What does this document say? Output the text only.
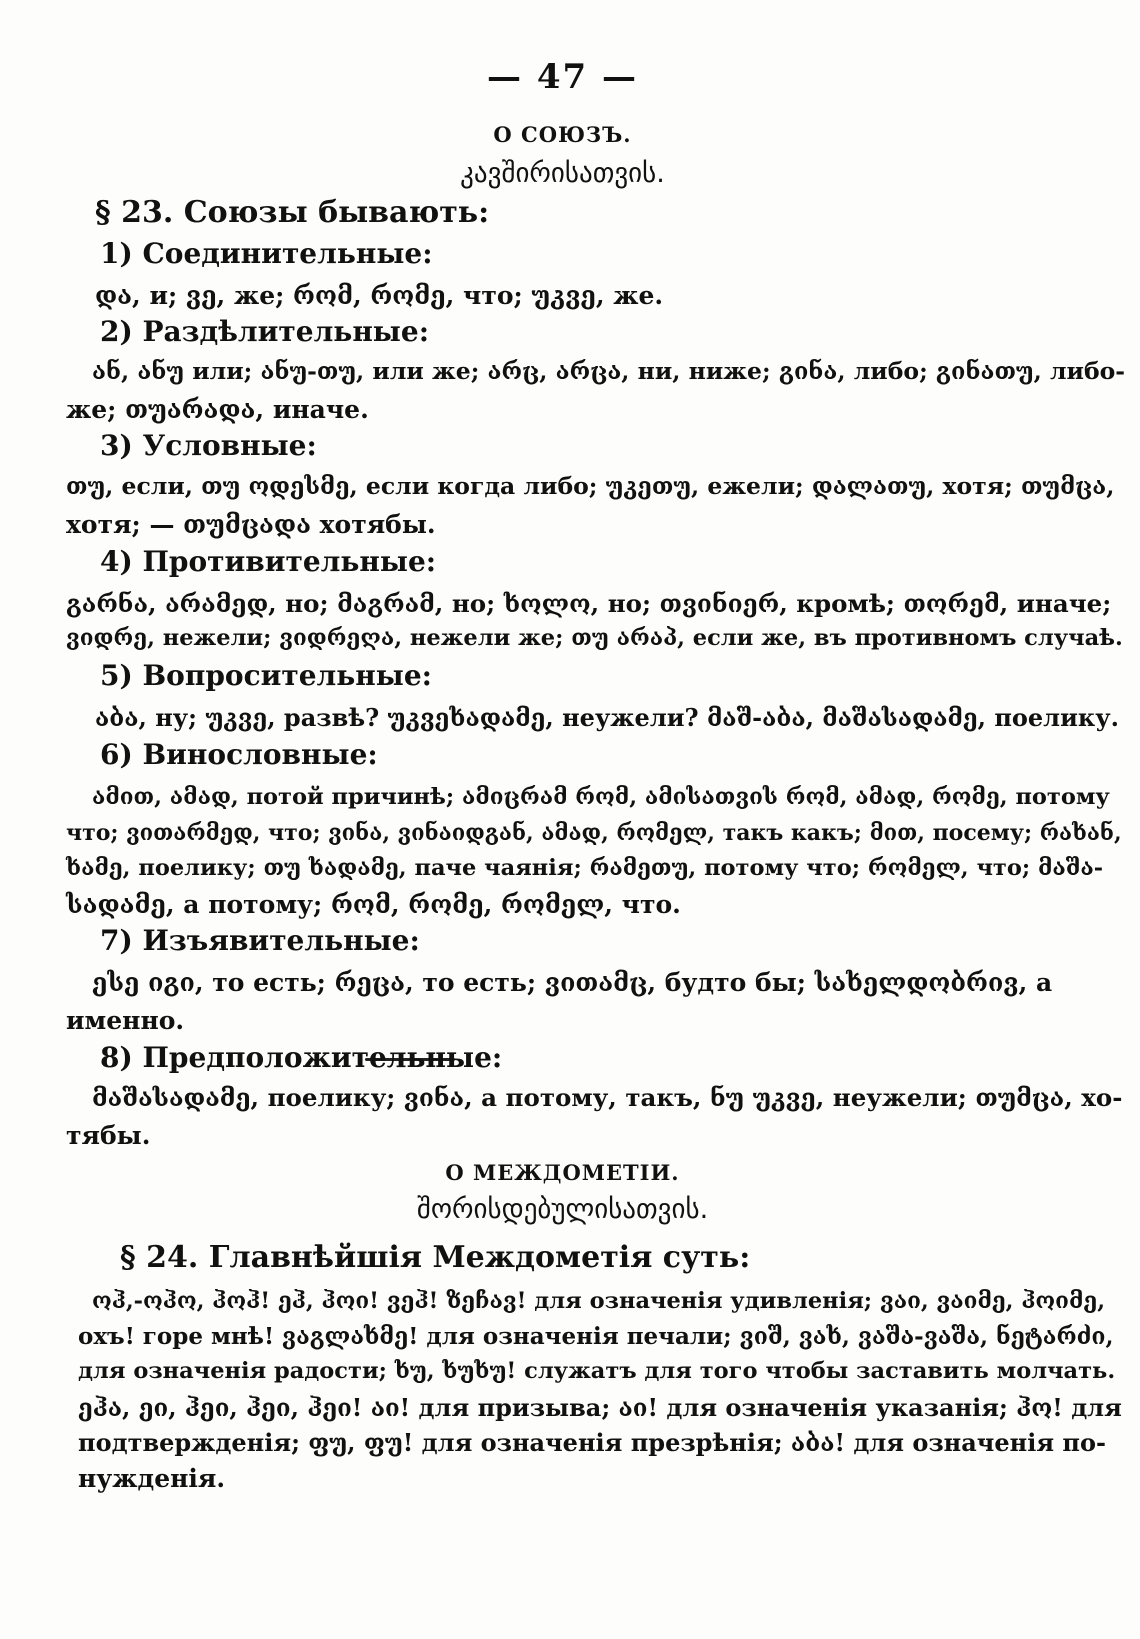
— 47 —
О СОЮЗЪ.
კავშირისათვის.
§ 23. Союзы бывають:
1) Соединительные:
და, и; ვე, же; რომ, რომე, что; უკვე, же.
2) Раздѣлительные:
ან, ანუ или; ანუ-თუ, или же; არც, არცა, ни, ниже; გინა, либо; გინათუ, либо-
же; თუარადა, иначе.
3) Условные:
თუ, если, თუ ოდესმე, если когда либо; უკეთუ, ежели; დალათუ, хотя; თუმცა,
хотя; — თუმცადა хотябы.
4) Противительные:
გარნა, არამედ, но; მაგრამ, но; ხოლო, но; თვინიერ, кромѣ; თორემ, иначе;
ვიდრე, нежели; ვიდრეღა, нежели же; თუ არაპ, если же, въ противномъ случаѣ.
5) Вопросительные:
აბა, ну; უკვე, развѣ? უკვეხადამე, неужели? მაშ-აბა, მაშასადამე, поелику.
6) Винословные:
ამით, ამად, потой причинѣ; ამიცრამ რომ, ამისათვის რომ, ამად, რომე, потому
что; ვითარმედ, что; ვინა, ვინაიდგან, ამად, რომელ, такъ какъ; მით, посему; რახან,
ხამე, поелику; თუ ხადამე, паче чаянія; რამეთუ, потому что; რომელ, что; მაშა-
სადამე, а потому; რომ, რომე, რომელ, что.
7) Изъявительные:
ესე იგი, то есть; რეცა, то есть; ვითამც, будто бы; სახელდობრივ, а
именно.
8) Предположительные:
მაშასადამე, поелику; ვინა, а потому, такъ, ნუ უკვე, неужели; თუმცა, хо-
тябы.
О МЕЖДОМЕТІИ.
შორისდებულისათვის.
§ 24. Главнѣйшія Междометія суть:
ოჰ,-ოჰო, ჰოჰ! ეჰ, ჰოი! ვეჰ! ზეჩავ! для означенія удивленія; ვაი, ვაიმე, ჰოიმე,
охъ! горе мнѣ! ვაგლახმე! для означенія печали; ვიშ, ვახ, ვაშა-ვაშა, ნეტარძი,
для означенія радости; ხუ, ხუხუ! служатъ для того чтобы заставить молчать.
ეჰა, ეი, ჰეი, ჰეი, ჰეი! აი! для призыва; აი! для означенія указанія; ჰო! для
подтвержденія; ფუ, ფუ! для означенія презрѣнія; აბა! для означенія по-
нужденія.
